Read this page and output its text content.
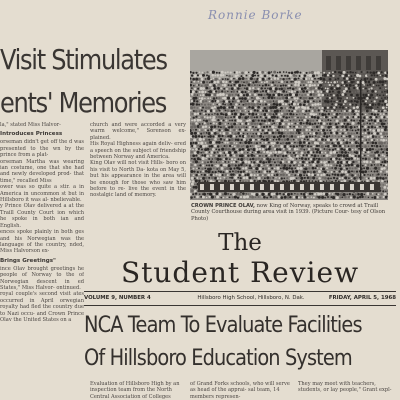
Ronnie Borke
Visit Stimulates
ents' Memories

la," stated Miss Halvor-

Introduces Princess

orseman didn't get off the d was presented to the wn by the prince from a plat-

orseman Martha was wearing ian costume, one that she had and newly developed prod- that time," recalled Miss

ower was so quite a stir. a in America in uncommon st but in Hillsboro it was al- nbelievable.

y Prince Olav delivered a at the Traill County Court ion which he spoke in both ian and English.

ences spoke plainly in both ges and his Norwegian was the language of the country, nded, Miss Halvorson ex-

Brings Greetings"

ince Olav brought greetings he people of Norway to the of Norwegian descent in ed States," Miss Halvor- ontinued.

royal couple's second visit ates occurred in April orwegian royalty had fled the country due to Nazi occu- and Crown Prince Olav the United States on a

church and were accorded a very warm welcome," Sorenson ex- plained.

His Royal Highness again deliv- ered a speech on the subject of friendship between Norway and America.

King Olav will not visit Hills- boro on his visit to North Da- kota on May 5, but his appearance in the area will be enough for those who saw him before to re- live the event in the nostalgic land of memory.

CROWN PRINCE OLAV, now King of Norway, speaks to crowd at Traill County Courthouse during area visit in 1939. (Picture Cour- tesy of Olson Photo)
The
Student Review
VOLUME 9, NUMBER 4	Hillsboro High School, Hillsboro, N. Dak.	FRIDAY, APRIL 5, 1968
NCA Team To Evaluate Facilities
Of Hillsboro Education System

Evaluation of Hillsboro High by an inspection team from the North Central Association of Colleges

of Grand Forks schools, who will serve as head of the apprai- sal team, 14 members represen-

They may meet with teachers, students, or lay people," Grant expl-
